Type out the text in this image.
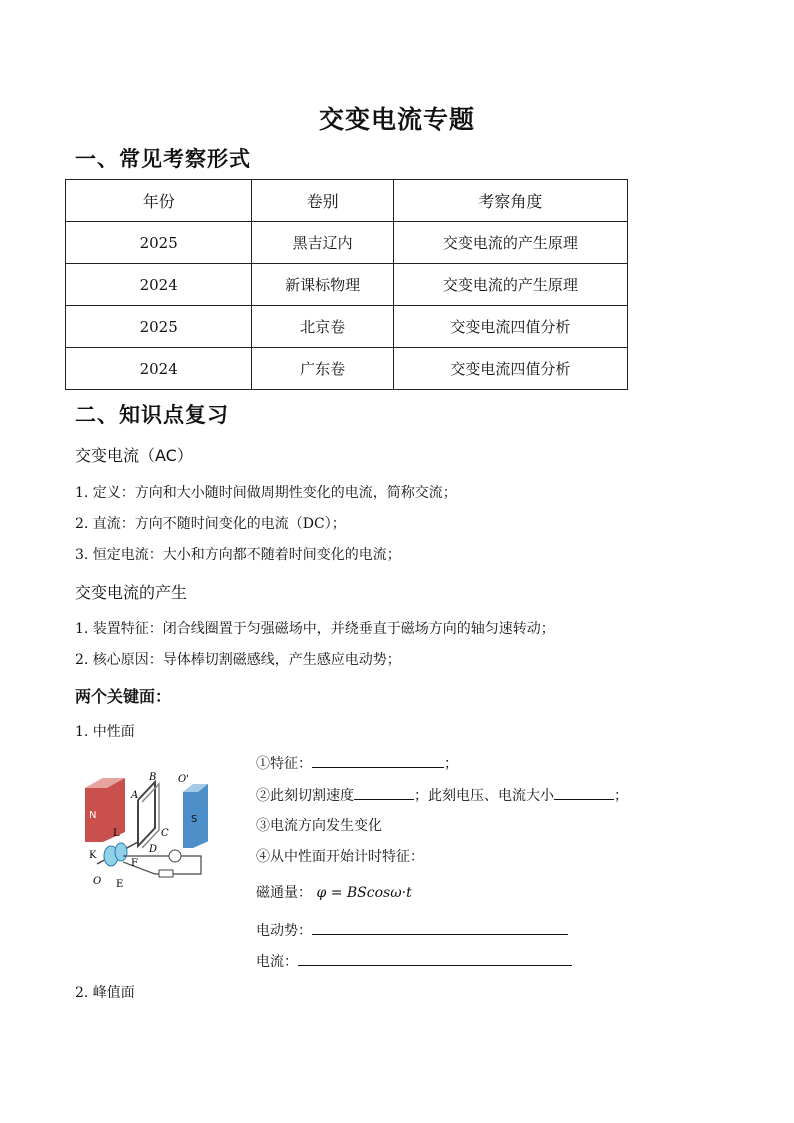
交变电流专题
一、常见考察形式
年份	卷别	考察角度
2025	黑吉辽内	交变电流的产生原理
2024	新课标物理	交变电流的产生原理
2025	北京卷	交变电流四值分析
2024	广东卷	交变电流四值分析
二、知识点复习
交变电流（AC）
1. 定义：方向和大小随时间做周期性变化的电流，简称交流；
2. 直流：方向不随时间变化的电流（DC）；
3. 恒定电流：大小和方向都不随着时间变化的电流；
交变电流的产生
1. 装置特征：闭合线圈置于匀强磁场中，并绕垂直于磁场方向的轴匀速转动；
2. 核心原因：导体棒切割磁感线，产生感应电动势；
两个关键面：
1. 中性面
N	S
B
A
C
D
O'
L
K
F
O E
①特征：	；
②此刻切割速度	；此刻电压、电流大小	；
③电流方向发生变化
④从中性面开始计时特征：
磁通量： φ = BScosω·t
电动势：
电流：
2. 峰值面
